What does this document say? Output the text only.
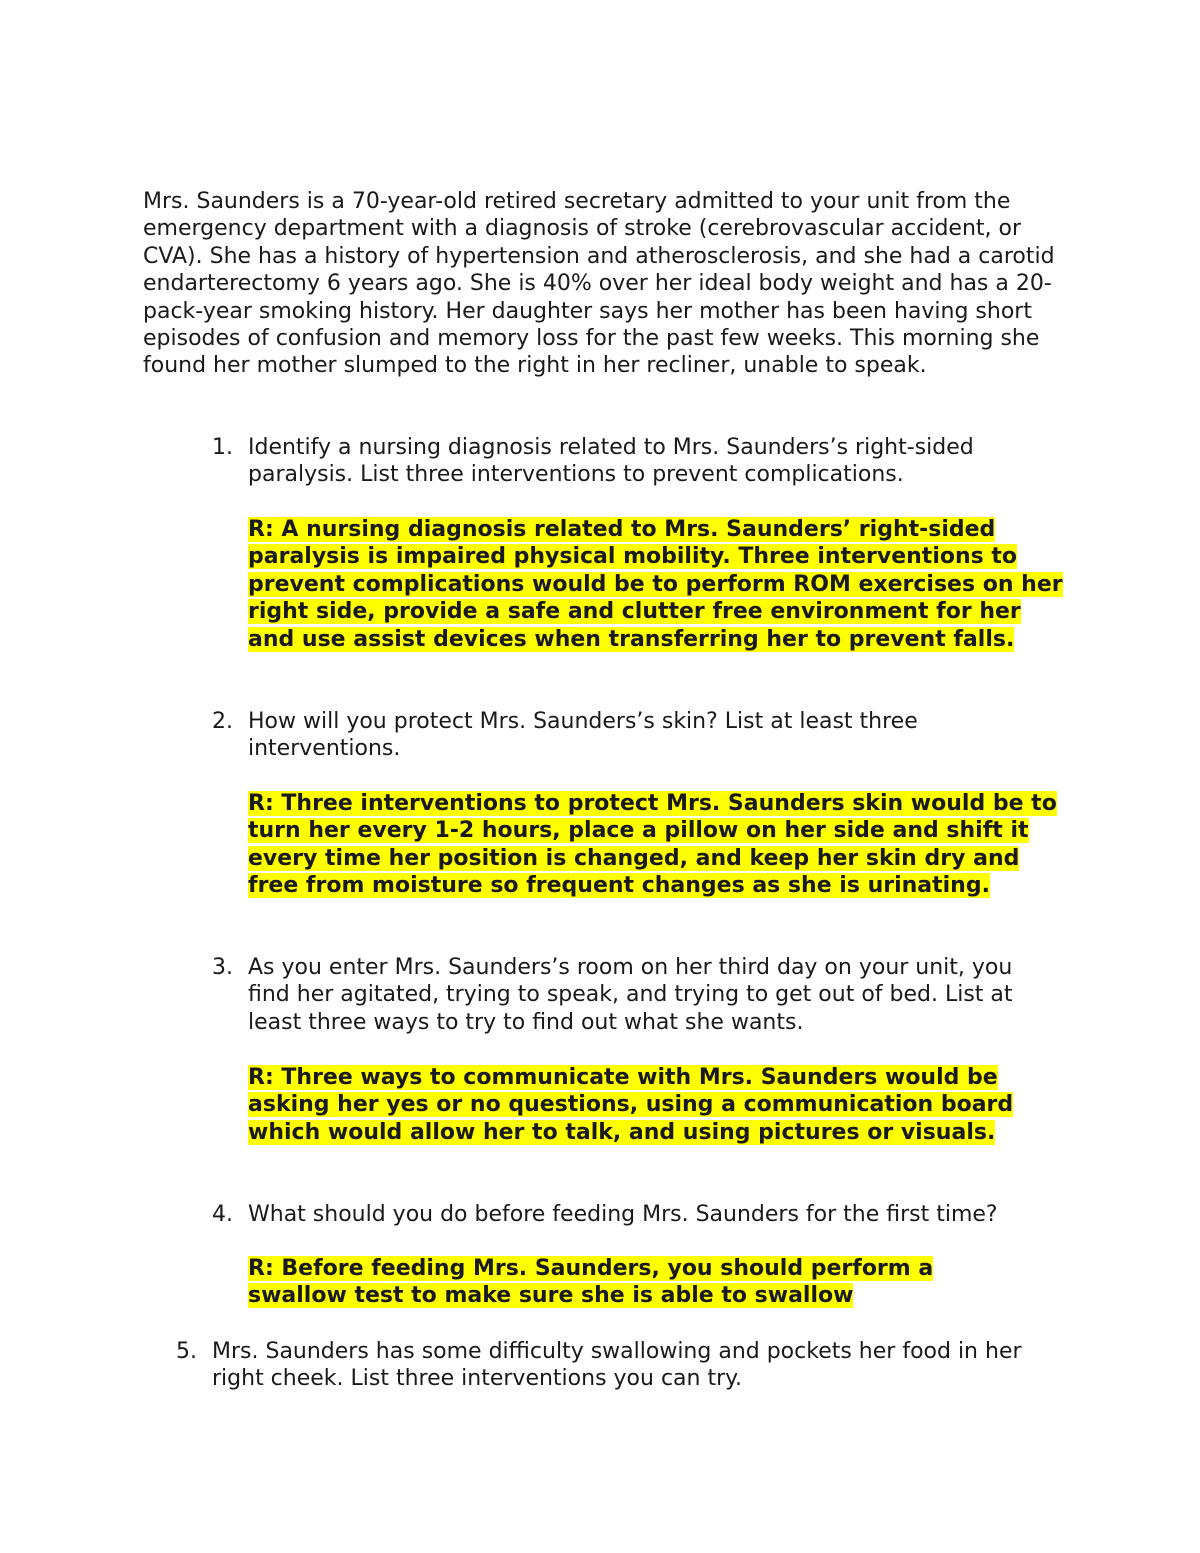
Mrs. Saunders is a 70-year-old retired secretary admitted to your unit from the emergency department with a diagnosis of stroke (cerebrovascular accident, or CVA). She has a history of hypertension and atherosclerosis, and she had a carotid endarterectomy 6 years ago. She is 40% over her ideal body weight and has a 20-pack-year smoking history. Her daughter says her mother has been having short episodes of confusion and memory loss for the past few weeks. This morning she found her mother slumped to the right in her recliner, unable to speak.

1. Identify a nursing diagnosis related to Mrs. Saunders’s right-sided paralysis. List three interventions to prevent complications.

R: A nursing diagnosis related to Mrs. Saunders’ right-sided paralysis is impaired physical mobility. Three interventions to prevent complications would be to perform ROM exercises on her right side, provide a safe and clutter free environment for her and use assist devices when transferring her to prevent falls.

2. How will you protect Mrs. Saunders’s skin? List at least three interventions.

R: Three interventions to protect Mrs. Saunders skin would be to turn her every 1-2 hours, place a pillow on her side and shift it every time her position is changed, and keep her skin dry and free from moisture so frequent changes as she is urinating.

3. As you enter Mrs. Saunders’s room on her third day on your unit, you find her agitated, trying to speak, and trying to get out of bed. List at least three ways to try to find out what she wants.

R: Three ways to communicate with Mrs. Saunders would be asking her yes or no questions, using a communication board which would allow her to talk, and using pictures or visuals.

4. What should you do before feeding Mrs. Saunders for the first time?

R: Before feeding Mrs. Saunders, you should perform a swallow test to make sure she is able to swallow

5. Mrs. Saunders has some difficulty swallowing and pockets her food in her right cheek. List three interventions you can try.
